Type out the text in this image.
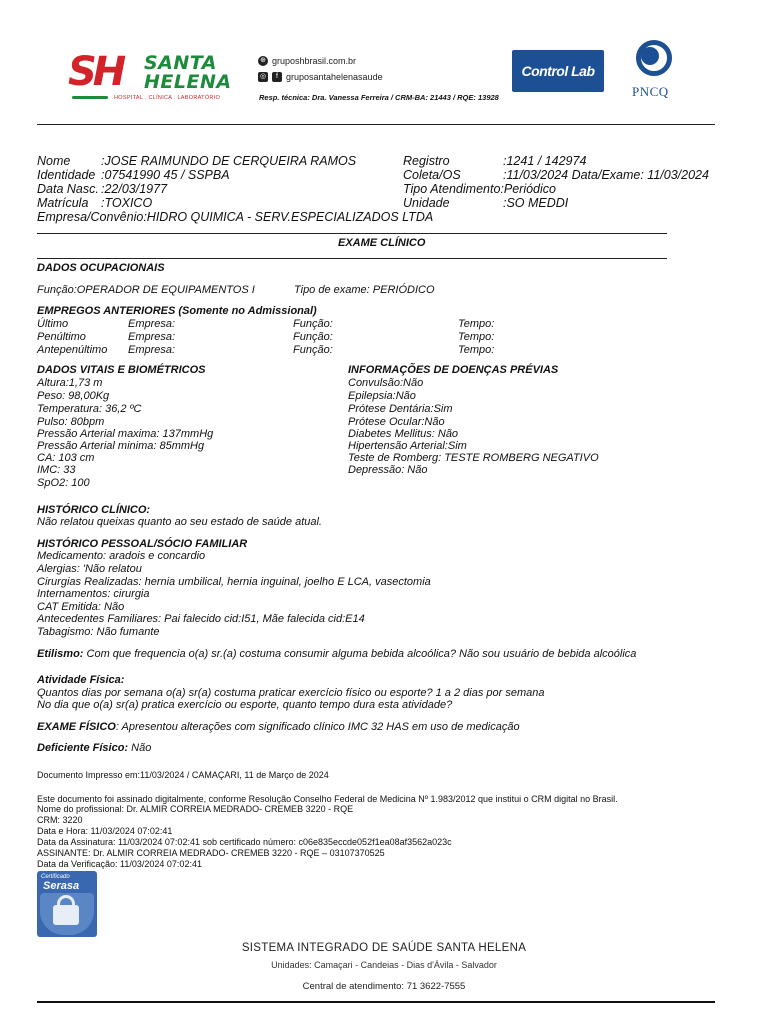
SH SANTA
HELENA
HOSPITAL . CLÍNICA . LABORATÓRIO
⊕ gruposhbrasil.com.br
◎	f gruposantahelenasaude
Resp. técnica: Dra. Vanessa Ferreira / CRM-BA: 21443 / RQE: 13928
Control Lab
PNCQ
Nome :JOSE RAIMUNDO DE CERQUEIRA RAMOS
Identidade :07541990 45 / SSPBA
Data Nasc. :22/03/1977
Matrícula :TOXICO
Empresa/Convênio:HIDRO QUIMICA - SERV.ESPECIALIZADOS LTDA
Registro	:1241 / 142974
Coleta/OS	:11/03/2024 Data/Exame: 11/03/2024
Tipo Atendimento:Periódico
Unidade	:SO MEDDI
EXAME CLÍNICO
DADOS OCUPACIONAIS
Função:OPERADOR DE EQUIPAMENTOS I	Tipo de exame: PERIÓDICO
EMPREGOS ANTERIORES (Somente no Admissional)
Último	Empresa:	Função:	Tempo:
Penúltimo	Empresa:	Função:	Tempo:
Antepenúltimo Empresa:	Função:	Tempo:
DADOS VITAIS E BIOMÉTRICOS
Altura:1,73 m
Peso: 98,00Kg
Temperatura: 36,2 ºC
Pulso: 80bpm
Pressão Arterial maxima: 137mmHg
Pressão Arterial minima: 85mmHg
CA: 103 cm
IMC: 33
SpO2: 100
INFORMAÇÕES DE DOENÇAS PRÉVIAS
Convulsão:Não
Epilepsia:Não
Prótese Dentária:Sim
Prótese Ocular:Não
Diabetes Mellitus: Não
Hipertensão Arterial:Sim
Teste de Romberg: TESTE ROMBERG NEGATIVO
Depressão: Não
HISTÓRICO CLÍNICO:
Não relatou queixas quanto ao seu estado de saúde atual.
HISTÓRICO PESSOAL/SÓCIO FAMILIAR
Medicamento: aradois e concardio
Alergias: 'Não relatou
Cirurgias Realizadas: hernia umbilical, hernia inguinal, joelho E LCA, vasectomia
Internamentos: cirurgia
CAT Emitida: Não
Antecedentes Familiares: Pai falecido cid:I51, Mãe falecida cid:E14
Tabagismo: Não fumante
Etilismo: Com que frequencia o(a) sr.(a) costuma consumir alguma bebida alcoólica? Não sou usuário de bebida alcoólica
Atividade Física:
Quantos dias por semana o(a) sr(a) costuma praticar exercício físico ou esporte? 1 a 2 dias por semana
No dia que o(a) sr(a) pratica exercício ou esporte, quanto tempo dura esta atividade?
EXAME FÍSICO: Apresentou alterações com significado clínico IMC 32 HAS em uso de medicação
Deficiente Físico: Não
Documento Impresso em:11/03/2024 / CAMAÇARI, 11 de Março de 2024
Este documento foi assinado digitalmente, conforme Resolução Conselho Federal de Medicina Nº 1.983/2012 que institui o CRM digital no Brasil.
Nome do profissional: Dr. ALMIR CORREIA MEDRADO- CREMEB 3220 - RQE
CRM: 3220
Data e Hora: 11/03/2024 07:02:41
Data da Assinatura: 11/03/2024 07:02:41 sob certificado número: c06e835eccde052f1ea08af3562a023c
ASSINANTE: Dr. ALMIR CORREIA MEDRADO- CREMEB 3220 - RQE – 03107370525
Data da Verificação: 11/03/2024 07:02:41
Certificado
Serasa
SISTEMA INTEGRADO DE SAÚDE SANTA HELENA
Unidades: Camaçari - Candeias - Dias d'Ávila - Salvador
Central de atendimento: 71 3622-7555
